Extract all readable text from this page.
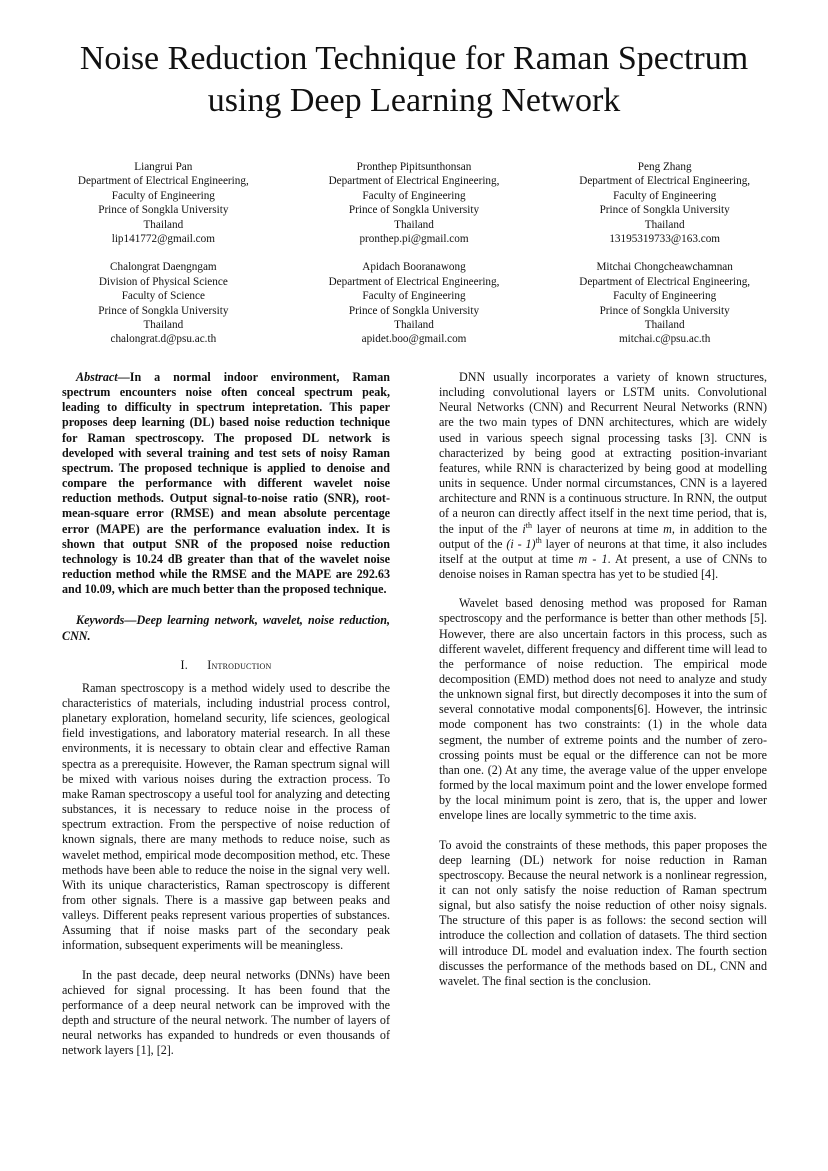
Noise Reduction Technique for Raman Spectrum
using Deep Learning Network
Liangrui Pan
Department of Electrical Engineering,
Faculty of Engineering
Prince of Songkla University
Thailand
lip141772@gmail.com
Pronthep Pipitsunthonsan
Department of Electrical Engineering,
Faculty of Engineering
Prince of Songkla University
Thailand
pronthep.pi@gmail.com
Peng Zhang
Department of Electrical Engineering,
Faculty of Engineering
Prince of Songkla University
Thailand
13195319733@163.com
Chalongrat Daengngam
Division of Physical Science
Faculty of Science
Prince of Songkla University
Thailand
chalongrat.d@psu.ac.th
Apidach Booranawong
Department of Electrical Engineering,
Faculty of Engineering
Prince of Songkla University
Thailand
apidet.boo@gmail.com
Mitchai Chongcheawchamnan
Department of Electrical Engineering,
Faculty of Engineering
Prince of Songkla University
Thailand
mitchai.c@psu.ac.th

Abstract—In a normal indoor environment, Raman spectrum encounters noise often conceal spectrum peak, leading to difficulty in spectrum intepretation. This paper proposes deep learning (DL) based noise reduction technique for Raman spectroscopy. The proposed DL network is developed with several training and test sets of noisy Raman spectrum. The proposed technique is applied to denoise and compare the performance with different wavelet noise reduction methods. Output signal-to-noise ratio (SNR), root-mean-square error (RMSE) and mean absolute percentage error (MAPE) are the performance evaluation index. It is shown that output SNR of the proposed noise reduction technology is 10.24 dB greater than that of the wavelet noise reduction method while the RMSE and the MAPE are 292.63 and 10.09, which are much better than the proposed technique.

Keywords—Deep learning network, wavelet, noise reduction, CNN.

I. Introduction

Raman spectroscopy is a method widely used to describe the characteristics of materials, including industrial process control, planetary exploration, homeland security, life sciences, geological field investigations, and laboratory material research. In all these environments, it is necessary to obtain clear and effective Raman spectra as a prerequisite. However, the Raman spectrum signal will be mixed with various noises during the extraction process. To make Raman spectroscopy a useful tool for analyzing and detecting substances, it is necessary to reduce noise in the process of spectrum extraction. From the perspective of noise reduction of known signals, there are many methods to reduce noise, such as wavelet method, empirical mode decomposition method, etc. These methods have been able to reduce the noise in the signal very well. With its unique characteristics, Raman spectroscopy is different from other signals. There is a massive gap between peaks and valleys. Different peaks represent various properties of substances. Assuming that if noise masks part of the secondary peak information, subsequent experiments will be meaningless.

In the past decade, deep neural networks (DNNs) have been achieved for signal processing. It has been found that the performance of a deep neural network can be improved with the depth and structure of the neural network. The number of layers of neural networks has expanded to hundreds or even thousands of network layers [1], [2].

DNN usually incorporates a variety of known structures, including convolutional layers or LSTM units. Convolutional Neural Networks (CNN) and Recurrent Neural Networks (RNN) are the two main types of DNN architectures, which are widely used in various speech signal processing tasks [3]. CNN is characterized by being good at extracting position-invariant features, while RNN is characterized by being good at modelling units in sequence. Under normal circumstances, CNN is a layered architecture and RNN is a continuous structure. In RNN, the output of a neuron can directly affect itself in the next time period, that is, the input of the $i^{th}$ layer of neurons at time m, in addition to the output of the (i - 1)$^{th}$ layer of neurons at that time, it also includes itself at the output at time m - 1. At present, a use of CNNs to denoise noises in Raman spectra has yet to be studied [4].

Wavelet based denosing method was proposed for Raman spectroscopy and the performance is better than other methods [5]. However, there are also uncertain factors in this process, such as different wavelet, different frequency and different time will lead to the performance of noise reduction. The empirical mode decomposition (EMD) method does not need to analyze and study the unknown signal first, but directly decomposes it into the sum of several connotative modal components[6]. However, the intrinsic mode component has two constraints: (1) in the whole data segment, the number of extreme points and the number of zero-crossing points must be equal or the difference can not be more than one. (2) At any time, the average value of the upper envelope formed by the local maximum point and the lower envelope formed by the local minimum point is zero, that is, the upper and lower envelope lines are locally symmetric to the time axis.

To avoid the constraints of these methods, this paper proposes the deep learning (DL) network for noise reduction in Raman spectroscopy. Because the neural network is a nonlinear regression, it can not only satisfy the noise reduction of Raman spectrum signal, but also satisfy the noise reduction of other noisy signals. The structure of this paper is as follows: the second section will introduce the collection and collation of datasets. The third section will introduce DL model and evaluation index. The fourth section discusses the performance of the methods based on DL, CNN and wavelet. The final section is the conclusion.
